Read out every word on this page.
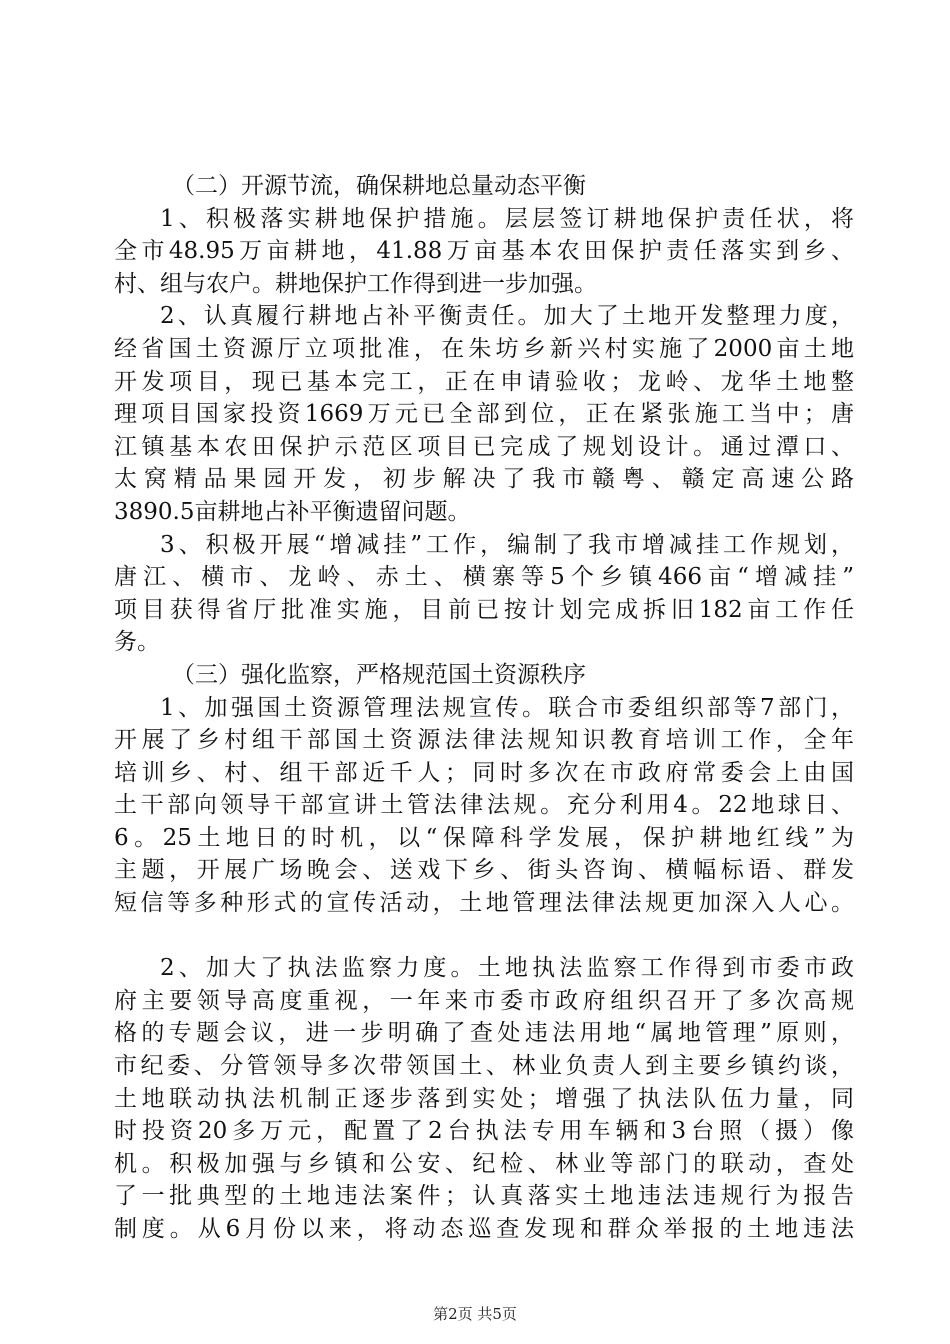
（二）开源节流，确保耕地总量动态平衡
1、积极落实耕地保护措施。层层签订耕地保护责任状，将
全市48.95万亩耕地，41.88万亩基本农田保护责任落实到乡、
村、组与农户。耕地保护工作得到进一步加强。
2、认真履行耕地占补平衡责任。加大了土地开发整理力度，
经省国土资源厅立项批准，在朱坊乡新兴村实施了2000亩土地
开发项目，现已基本完工，正在申请验收；龙岭、龙华土地整
理项目国家投资1669万元已全部到位，正在紧张施工当中；唐
江镇基本农田保护示范区项目已完成了规划设计。通过潭口、
太窝精品果园开发，初步解决了我市赣粤、赣定高速公路
3890.5亩耕地占补平衡遗留问题。
3、积极开展“增减挂”工作，编制了我市增减挂工作规划，
唐江、横市、龙岭、赤土、横寨等5个乡镇466亩“增减挂”
项目获得省厅批准实施，目前已按计划完成拆旧182亩工作任
务。
（三）强化监察，严格规范国土资源秩序
1、加强国土资源管理法规宣传。联合市委组织部等7部门，
开展了乡村组干部国土资源法律法规知识教育培训工作，全年
培训乡、村、组干部近千人；同时多次在市政府常委会上由国
土干部向领导干部宣讲土管法律法规。充分利用4。22地球日、
6。25土地日的时机，以“保障科学发展，保护耕地红线”为
主题，开展广场晚会、送戏下乡、街头咨询、横幅标语、群发
短信等多种形式的宣传活动，土地管理法律法规更加深入人心。
2、加大了执法监察力度。土地执法监察工作得到市委市政
府主要领导高度重视，一年来市委市政府组织召开了多次高规
格的专题会议，进一步明确了查处违法用地“属地管理”原则，
市纪委、分管领导多次带领国土、林业负责人到主要乡镇约谈，
土地联动执法机制正逐步落到实处；增强了执法队伍力量，同
时投资20多万元，配置了2台执法专用车辆和3台照（摄）像
机。积极加强与乡镇和公安、纪检、林业等部门的联动，查处
了一批典型的土地违法案件；认真落实土地违法违规行为报告
制度。从6月份以来，将动态巡查发现和群众举报的土地违法
第2页 共5页
